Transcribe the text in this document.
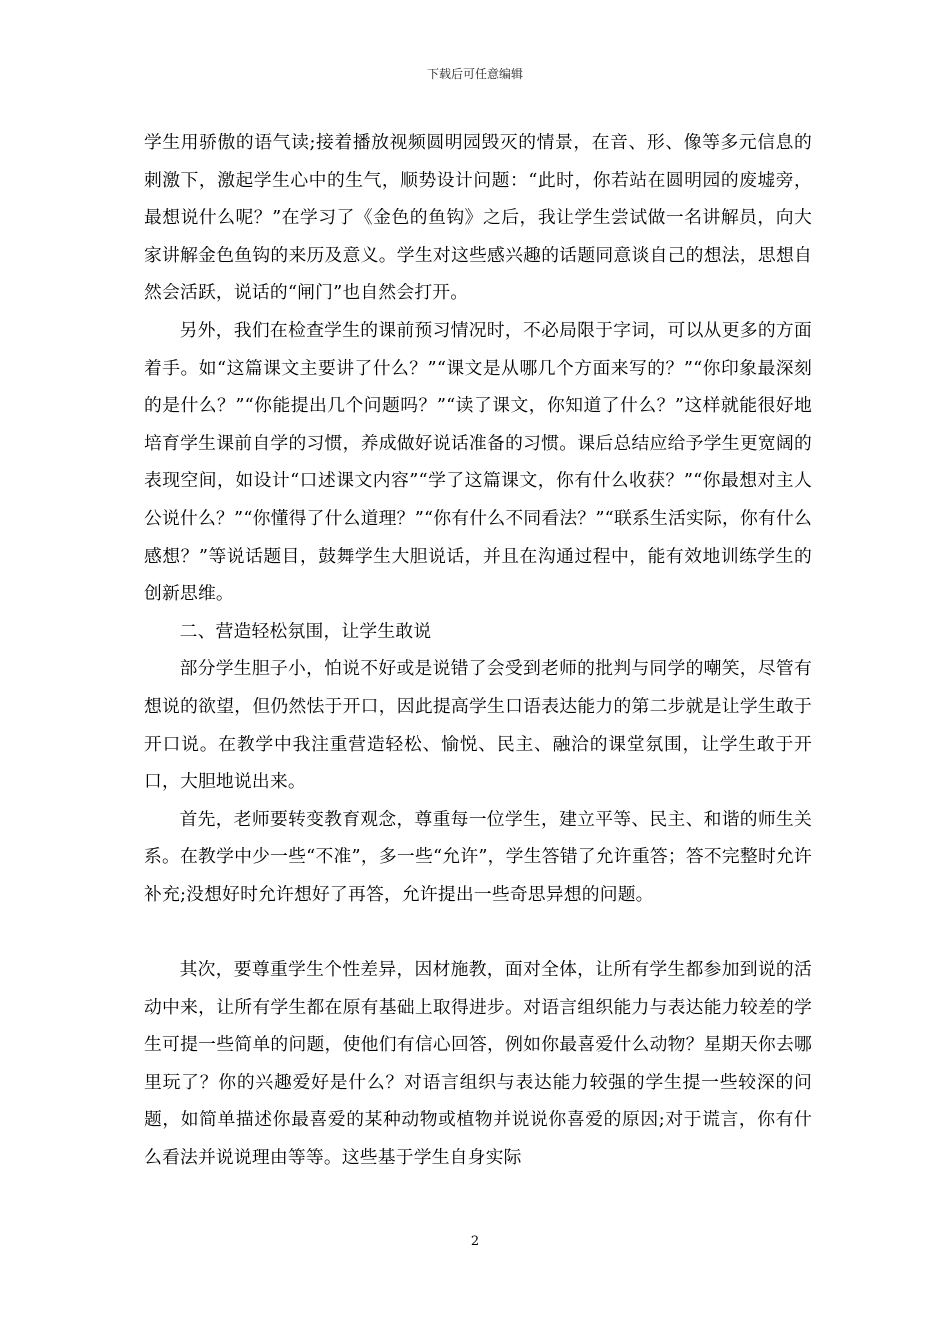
下载后可任意编辑

学生用骄傲的语气读;接着播放视频圆明园毁灭的情景，在音、形、像等多元信息的刺激下，激起学生心中的生气，顺势设计问题：“此时，你若站在圆明园的废墟旁，最想说什么呢？”在学习了《金色的鱼钩》之后，我让学生尝试做一名讲解员，向大家讲解金色鱼钩的来历及意义。学生对这些感兴趣的话题同意谈自己的想法，思想自然会活跃，说话的“闸门”也自然会打开。

另外，我们在检查学生的课前预习情况时，不必局限于字词，可以从更多的方面着手。如“这篇课文主要讲了什么？”“课文是从哪几个方面来写的？”“你印象最深刻的是什么？”“你能提出几个问题吗？”“读了课文，你知道了什么？”这样就能很好地培育学生课前自学的习惯，养成做好说话准备的习惯。课后总结应给予学生更宽阔的表现空间，如设计“口述课文内容”“学了这篇课文，你有什么收获？”“你最想对主人公说什么？”“你懂得了什么道理？”“你有什么不同看法？”“联系生活实际，你有什么感想？”等说话题目，鼓舞学生大胆说话，并且在沟通过程中，能有效地训练学生的创新思维。

二、营造轻松氛围，让学生敢说

部分学生胆子小，怕说不好或是说错了会受到老师的批判与同学的嘲笑，尽管有想说的欲望，但仍然怯于开口，因此提高学生口语表达能力的第二步就是让学生敢于开口说。在教学中我注重营造轻松、愉悦、民主、融洽的课堂氛围，让学生敢于开口，大胆地说出来。

首先，老师要转变教育观念，尊重每一位学生，建立平等、民主、和谐的师生关系。在教学中少一些“不准”，多一些“允许”，学生答错了允许重答；答不完整时允许补充;没想好时允许想好了再答，允许提出一些奇思异想的问题。

其次，要尊重学生个性差异，因材施教，面对全体，让所有学生都参加到说的活动中来，让所有学生都在原有基础上取得进步。对语言组织能力与表达能力较差的学生可提一些简单的问题，使他们有信心回答，例如你最喜爱什么动物？星期天你去哪里玩了？你的兴趣爱好是什么？对语言组织与表达能力较强的学生提一些较深的问题，如简单描述你最喜爱的某种动物或植物并说说你喜爱的原因;对于谎言，你有什么看法并说说理由等等。这些基于学生自身实际

2
